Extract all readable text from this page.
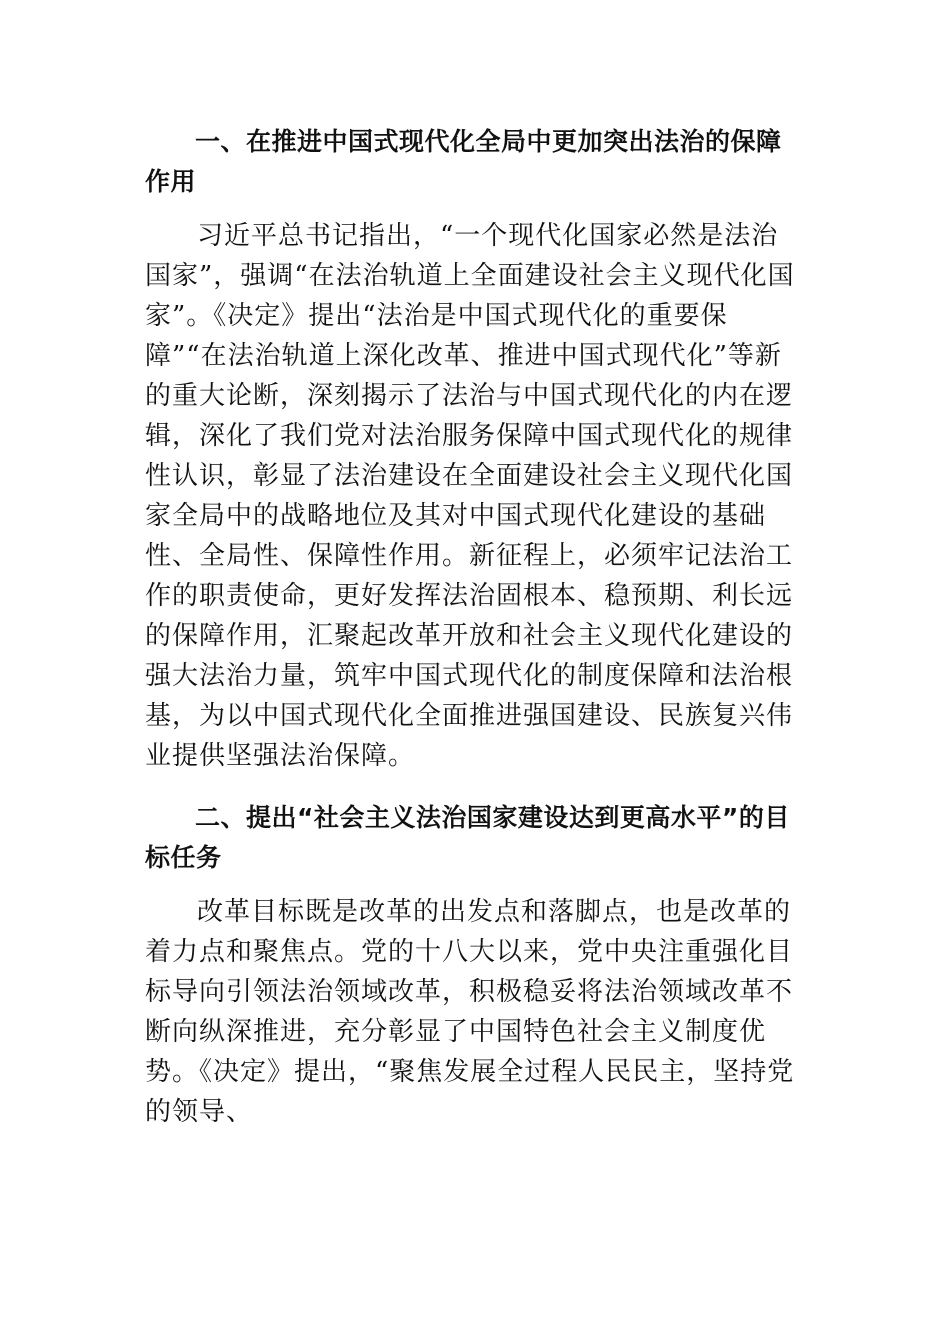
一、在推进中国式现代化全局中更加突出法治的保障作用

习近平总书记指出，“一个现代化国家必然是法治国家”，强调“在法治轨道上全面建设社会主义现代化国家”。《决定》提出“法治是中国式现代化的重要保障”“在法治轨道上深化改革、推进中国式现代化”等新的重大论断，深刻揭示了法治与中国式现代化的内在逻辑，深化了我们党对法治服务保障中国式现代化的规律性认识，彰显了法治建设在全面建设社会主义现代化国家全局中的战略地位及其对中国式现代化建设的基础性、全局性、保障性作用。新征程上，必须牢记法治工作的职责使命，更好发挥法治固根本、稳预期、利长远的保障作用，汇聚起改革开放和社会主义现代化建设的强大法治力量，筑牢中国式现代化的制度保障和法治根基，为以中国式现代化全面推进强国建设、民族复兴伟业提供坚强法治保障。

二、提出“社会主义法治国家建设达到更高水平”的目标任务

改革目标既是改革的出发点和落脚点，也是改革的着力点和聚焦点。党的十八大以来，党中央注重强化目标导向引领法治领域改革，积极稳妥将法治领域改革不断向纵深推进，充分彰显了中国特色社会主义制度优势。《决定》提出，“聚焦发展全过程人民民主，坚持党的领导、
